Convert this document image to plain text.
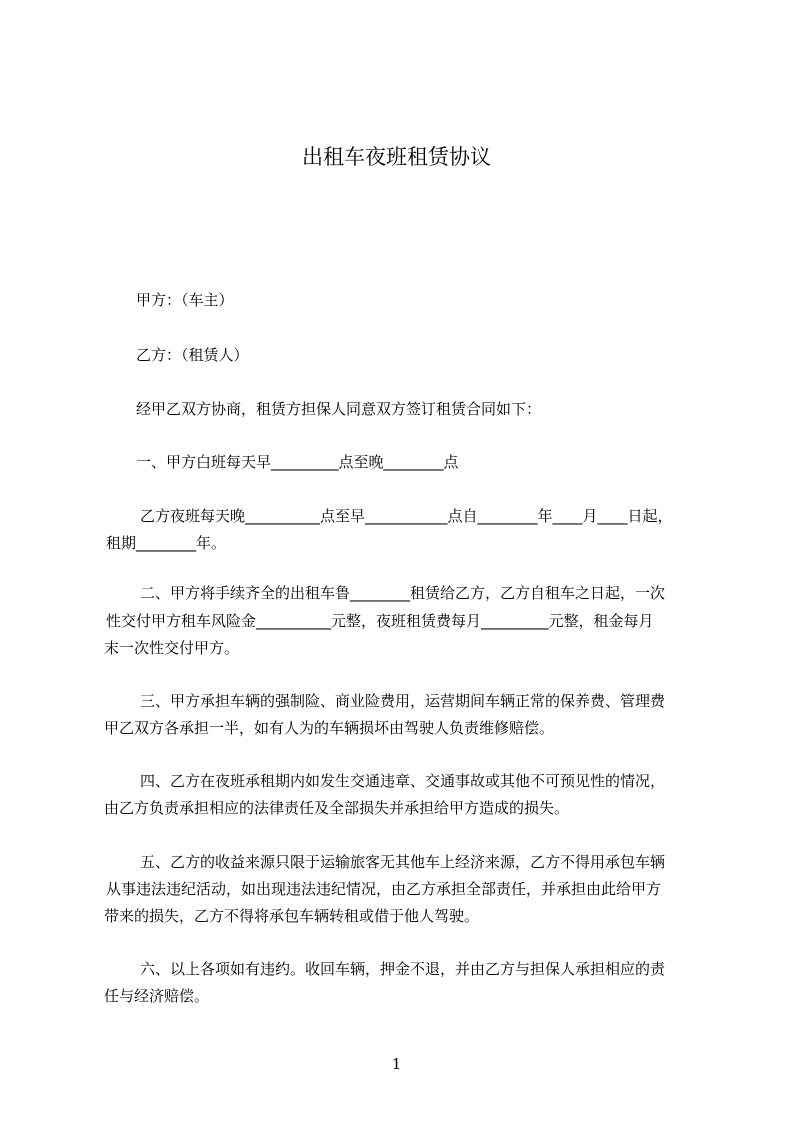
出租车夜班租赁协议

甲方：（车主）

乙方：（租赁人）

经甲乙双方协商，租赁方担保人同意双方签订租赁合同如下：

一、甲方白班每天早_________点至晚________点

乙方夜班每天晚__________点至早___________点自________年____月____日起，

租期________年。

二、甲方将手续齐全的出租车鲁________租赁给乙方，乙方自租车之日起，一次

性交付甲方租车风险金__________元整，夜班租赁费每月_________元整，租金每月

末一次性交付甲方。

三、甲方承担车辆的强制险、商业险费用，运营期间车辆正常的保养费、管理费

甲乙双方各承担一半，如有人为的车辆损坏由驾驶人负责维修赔偿。

四、乙方在夜班承租期内如发生交通违章、交通事故或其他不可预见性的情况，

由乙方负责承担相应的法律责任及全部损失并承担给甲方造成的损失。

五、乙方的收益来源只限于运输旅客无其他车上经济来源，乙方不得用承包车辆

从事违法违纪活动，如出现违法违纪情况，由乙方承担全部责任，并承担由此给甲方

带来的损失，乙方不得将承包车辆转租或借于他人驾驶。

六、以上各项如有违约。收回车辆，押金不退，并由乙方与担保人承担相应的责

任与经济赔偿。

1
